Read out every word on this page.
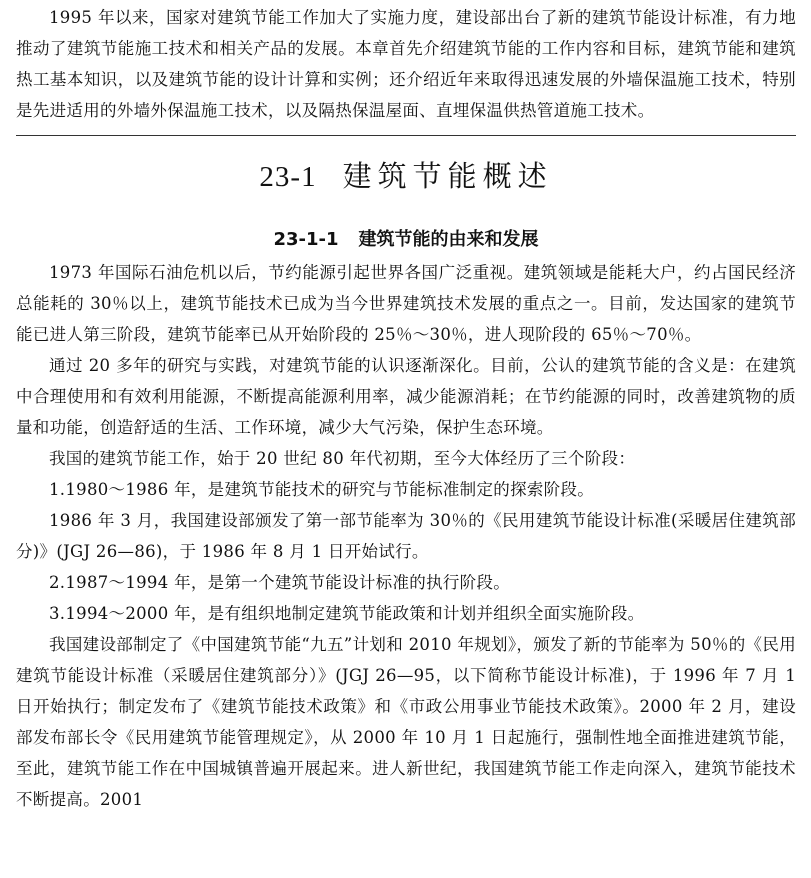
1995 年以来，国家对建筑节能工作加大了实施力度，建设部出台了新的建筑节能设计标准，有力地推动了建筑节能施工技术和相关产品的发展。本章首先介绍建筑节能的工作内容和目标，建筑节能和建筑热工基本知识，以及建筑节能的设计计算和实例；还介绍近年来取得迅速发展的外墙保温施工技术，特别是先进适用的外墙外保温施工技术，以及隔热保温屋面、直埋保温供热管道施工技术。

23-1 建筑节能概述
23-1-1 建筑节能的由来和发展

1973 年国际石油危机以后，节约能源引起世界各国广泛重视。建筑领域是能耗大户，约占国民经济总能耗的 30％以上，建筑节能技术已成为当今世界建筑技术发展的重点之一。目前，发达国家的建筑节能已进人第三阶段，建筑节能率已从开始阶段的 25％～30％，进人现阶段的 65％～70％。

通过 20 多年的研究与实践，对建筑节能的认识逐渐深化。目前，公认的建筑节能的含义是：在建筑中合理使用和有效利用能源，不断提高能源利用率，减少能源消耗；在节约能源的同时，改善建筑物的质量和功能，创造舒适的生活、工作环境，减少大气污染，保护生态环境。

我国的建筑节能工作，始于 20 世纪 80 年代初期，至今大体经历了三个阶段：

1.1980～1986 年，是建筑节能技术的研究与节能标准制定的探索阶段。

1986 年 3 月，我国建设部颁发了第一部节能率为 30％的《民用建筑节能设计标准(采暖居住建筑部分)》(JGJ 26—86)，于 1986 年 8 月 1 日开始试行。

2.1987～1994 年，是第一个建筑节能设计标准的执行阶段。

3.1994～2000 年，是有组织地制定建筑节能政策和计划并组织全面实施阶段。

我国建设部制定了《中国建筑节能“九五”计划和 2010 年规划》，颁发了新的节能率为 50％的《民用建筑节能设计标准（采暖居住建筑部分）》(JGJ 26—95，以下简称节能设计标准)，于 1996 年 7 月 1 日开始执行；制定发布了《建筑节能技术政策》和《市政公用事业节能技术政策》。2000 年 2 月，建设部发布部长令《民用建筑节能管理规定》，从 2000 年 10 月 1 日起施行，强制性地全面推进建筑节能，至此，建筑节能工作在中国城镇普遍开展起来。进人新世纪，我国建筑节能工作走向深入，建筑节能技术不断提高。2001
